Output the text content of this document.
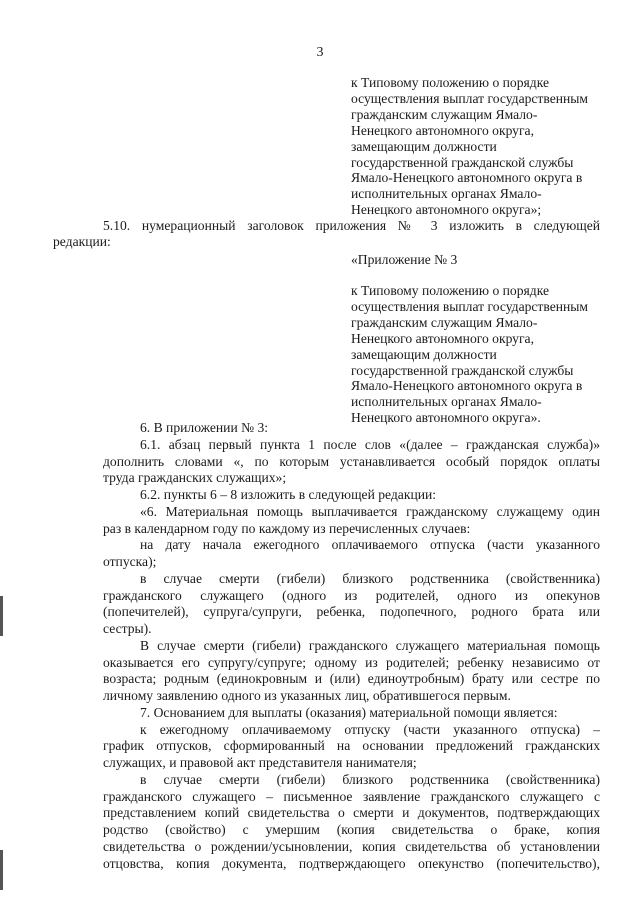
3
к Типовому положению о порядке
осуществления выплат государственным
гражданским служащим Ямало-
Ненецкого автономного округа,
замещающим должности
государственной гражданской службы
Ямало-Ненецкого автономного округа в
исполнительных органах Ямало-
Ненецкого автономного округа»;
5.10. нумерационный заголовок приложения № 3 изложить в следующей
редакции:
«Приложение № 3
к Типовому положению о порядке
осуществления выплат государственным
гражданским служащим Ямало-
Ненецкого автономного округа,
замещающим должности
государственной гражданской службы
Ямало-Ненецкого автономного округа в
исполнительных органах Ямало-
Ненецкого автономного округа».
6. В приложении № 3:
6.1. абзац первый пункта 1 после слов «(далее – гражданская служба)»
дополнить словами «, по которым устанавливается особый порядок оплаты
труда гражданских служащих»;
6.2. пункты 6 – 8 изложить в следующей редакции:
«6. Материальная помощь выплачивается гражданскому служащему один
раз в календарном году по каждому из перечисленных случаев:
на дату начала ежегодного оплачиваемого отпуска (части указанного
отпуска);
в случае смерти (гибели) близкого родственника (свойственника)
гражданского служащего (одного из родителей, одного из опекунов
(попечителей), супруга/супруги, ребенка, подопечного, родного брата или
сестры).
В случае смерти (гибели) гражданского служащего материальная помощь
оказывается его супругу/супруге; одному из родителей; ребенку независимо от
возраста; родным (единокровным и (или) единоутробным) брату или сестре по
личному заявлению одного из указанных лиц, обратившегося первым.
7. Основанием для выплаты (оказания) материальной помощи является:
к ежегодному оплачиваемому отпуску (части указанного отпуска) –
график отпусков, сформированный на основании предложений гражданских
служащих, и правовой акт представителя нанимателя;
в случае смерти (гибели) близкого родственника (свойственника)
гражданского служащего – письменное заявление гражданского служащего с
представлением копий свидетельства о смерти и документов, подтверждающих
родство (свойство) с умершим (копия свидетельства о браке, копия
свидетельства о рождении/усыновлении, копия свидетельства об установлении
отцовства, копия документа, подтверждающего опекунство (попечительство),
